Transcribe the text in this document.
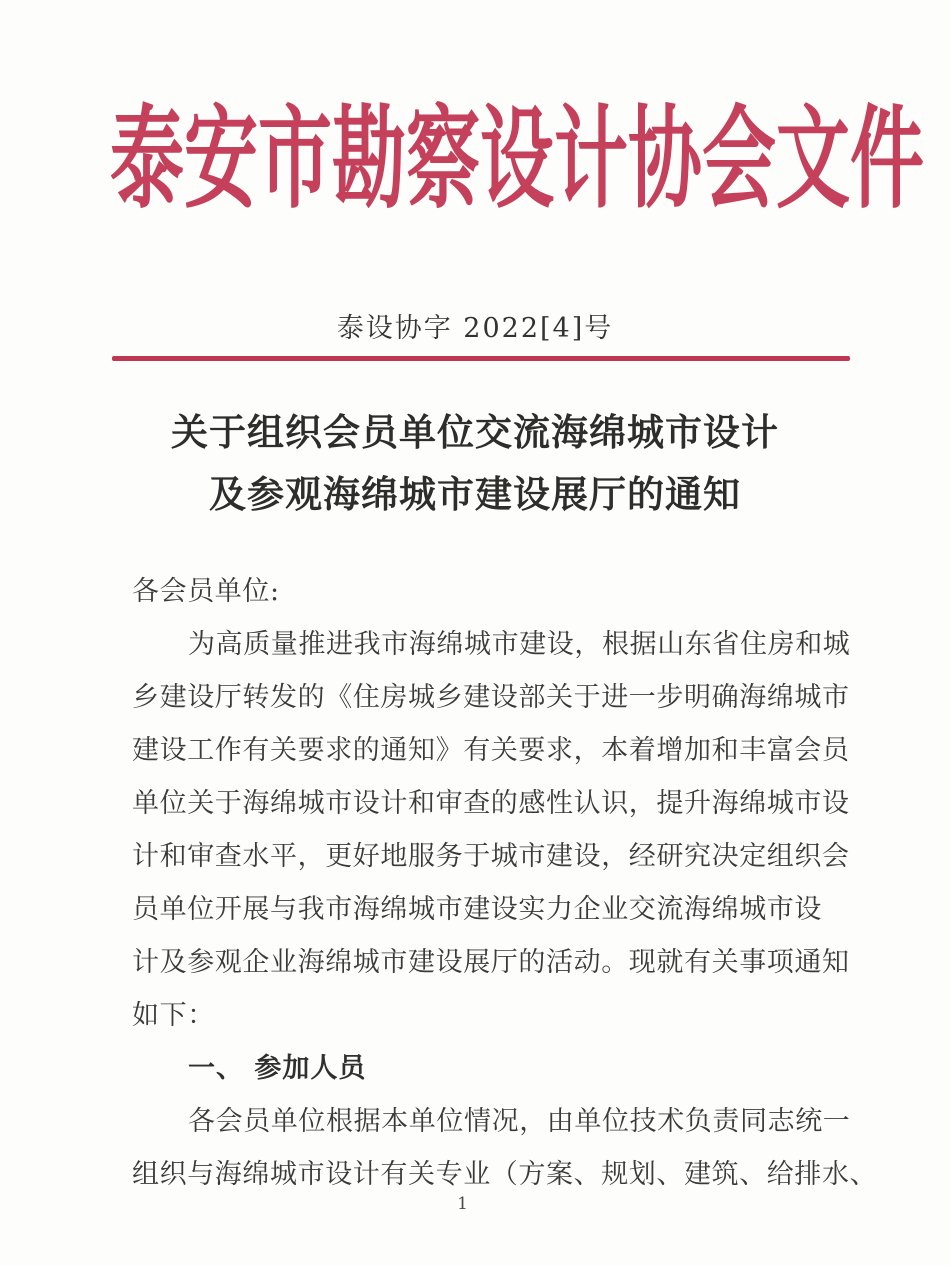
泰 安 市 勘 察 设 计 协 会 文 件
泰设协字 2022[4]号
关于组织会员单位交流海绵城市设计
及参观海绵城市建设展厅的通知
各会员单位:
为高质量推进我市海绵城市建设，根据山东省住房和城
乡建设厅转发的《住房城乡建设部关于进一步明确海绵城市
建设工作有关要求的通知》有关要求，本着增加和丰富会员
单位关于海绵城市设计和审查的感性认识，提升海绵城市设
计和审查水平，更好地服务于城市建设，经研究决定组织会
员单位开展与我市海绵城市建设实力企业交流海绵城市设
计及参观企业海绵城市建设展厅的活动。现就有关事项通知
如下：
一、 参加人员
各会员单位根据本单位情况，由单位技术负责同志统一
组织与海绵城市设计有关专业（方案、规划、建筑、给排水、
1
